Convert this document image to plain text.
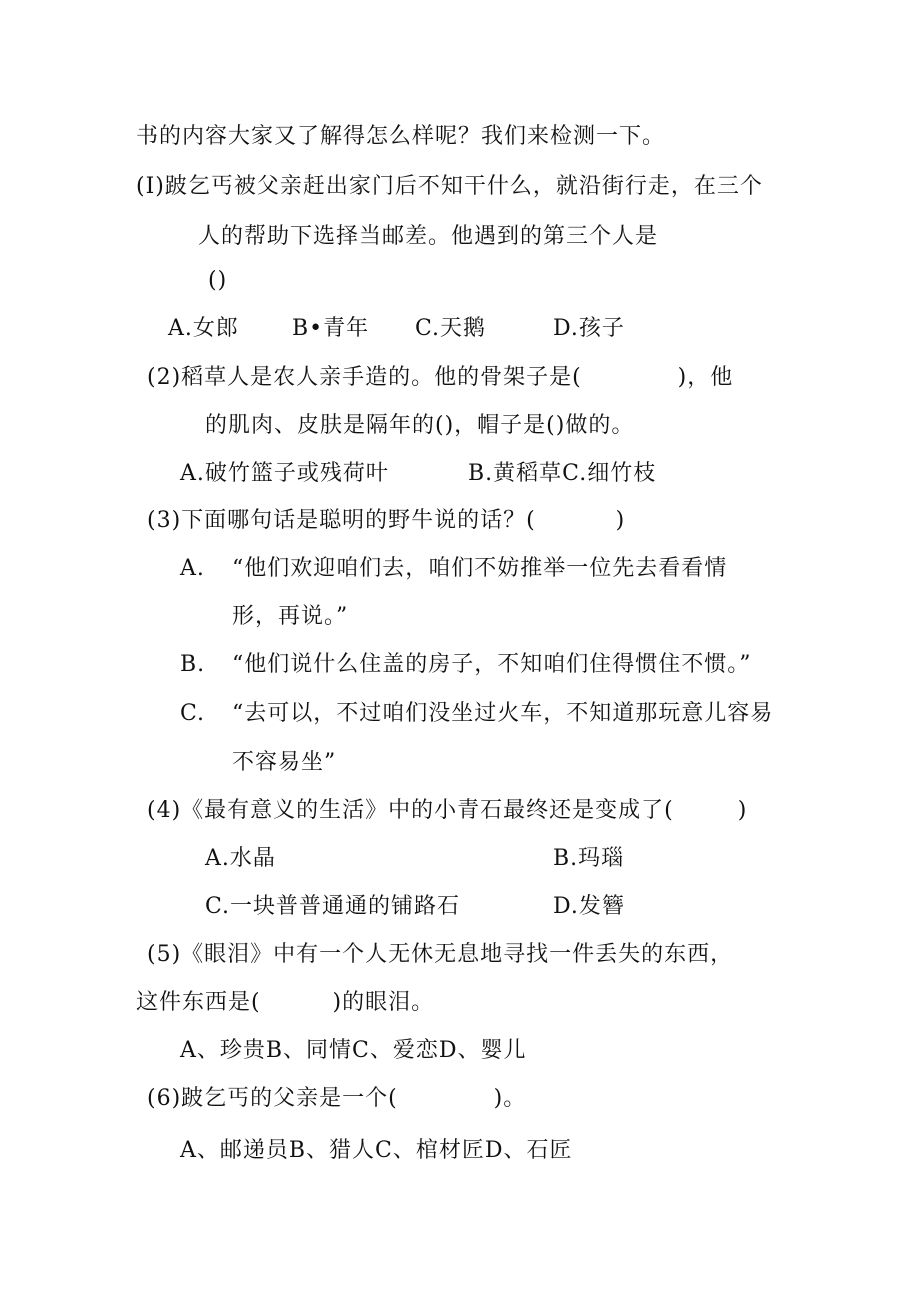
书的内容大家又了解得怎么样呢？我们来检测一下。
(I)跛乞丐被父亲赶出家门后不知干什么，就沿街行走，在三个
人的帮助下选择当邮差。他遇到的第三个人是
()
A.女郎 B•青年 C.天鹅	D.孩子
(2)稻草人是农人亲手造的。他的骨架子是(            )，他
的肌肉、皮肤是隔年的()，帽子是()做的。
A.破竹篮子或残荷叶	B.黄稻草C.细竹枝
(3)下面哪句话是聪明的野牛说的话？(          )
A. “他们欢迎咱们去，咱们不妨推举一位先去看看情
形，再说。”
B. “他们说什么住盖的房子，不知咱们住得惯住不惯。”
C. “去可以，不过咱们没坐过火车，不知道那玩意儿容易
不容易坐”
(4)《最有意义的生活》中的小青石最终还是变成了(        )
A.水晶	B.玛瑙
C.一块普普通通的铺路石	D.发簪
(5)《眼泪》中有一个人无休无息地寻找一件丢失的东西，
这件东西是(         )的眼泪。
A、珍贵B、同情C、爱恋D、婴儿
(6)跛乞丐的父亲是一个(            )。
A、邮递员B、猎人C、棺材匠D、石匠
